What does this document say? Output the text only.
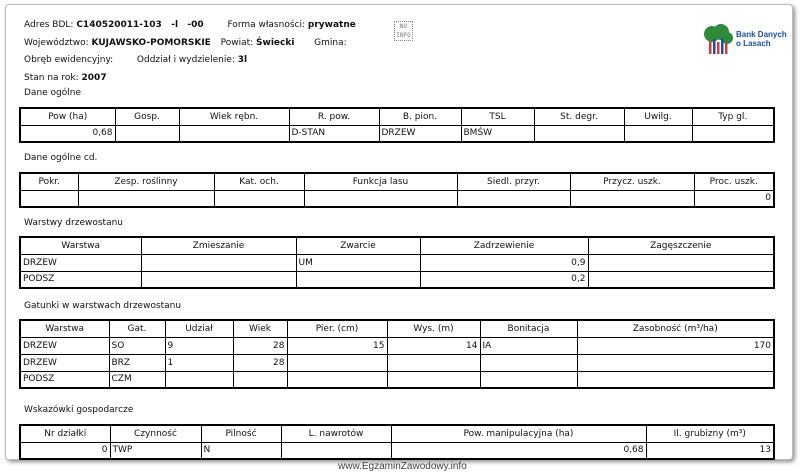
Adres BDL: C140520011-103   -l   -00	Forma własności: prywatne
Województwo: KUJAWSKO-POMORSKIE Powiat: Świecki Gmina:
Obręb ewidencyjny:	Oddział i wydzielenie: 3l
Stan na rok: 2007
NO INFO	Bank Danych
o Lasach
Dane ogólne
Pow (ha)	Gosp.	Wiek rębn.	R. pow.	B. pion.	TSL	St. degr.	Uwilg.	Typ gl.
0,68			D-STAN	DRZEW	BMŚW			
Dane ogólne cd.
Pokr.	Zesp. roślinny	Kat. och.	Funkcja lasu	Siedl. przyr.	Przycz. uszk.	Proc. uszk.
						0
Warstwy drzewostanu
Warstwa	Zmieszanie	Zwarcie	Zadrzewienie	Zagęszczenie
DRZEW		UM	0,9	
PODSZ			0,2	
Gatunki w warstwach drzewostanu
Warstwa	Gat.	Udział	Wiek	Pier. (cm)	Wys. (m)	Bonitacja	Zasobność (m³/ha)
DRZEW	SO	9	28	15	14	IA	170
DRZEW	BRZ	1	28				
PODSZ	CZM						
Wskazówki gospodarcze
Nr działki	Czynność	Pilność	L. nawrotów	Pow. manipulacyjna (ha)	Il. grubizny (m³)
0	TWP	N		0,68	13
www.EgzaminZawodowy.info
